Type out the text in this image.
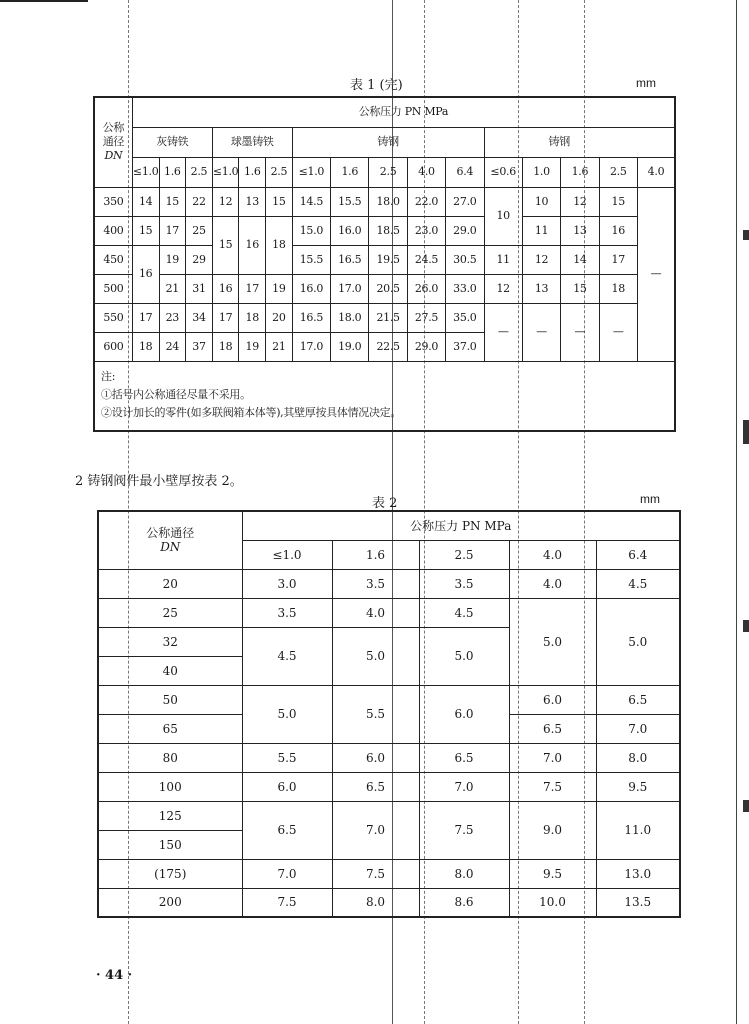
表 1 (完)	mm
公称
通径
DN	公称压力 PN MPa															
	灰铸铁			球墨铸铁			铸钢					铸钢				
	≤1.0	1.6	2.5	≤1.0	1.6	2.5	≤1.0	1.6	2.5	4.0	6.4	≤0.6	1.0	1.6	2.5	4.0
350	14	15	22	12	13	15	14.5	15.5	18.0	22.0	27.0	10	10	12	15	—
400	15	17	25	15	16	18	15.0	16.0	18.5	23.0	29.0		11	13	16	
450	16	19	29				15.5	16.5	19.5	24.5	30.5	11	12	14	17	
500		21	31	16	17	19	16.0	17.0	20.5	26.0	33.0	12	13	15	18	
550	17	23	34	17	18	20	16.5	18.0	21.5	27.5	35.0	—	—	—	—	
600	18	24	37	18	19	21	17.0	19.0	22.5	29.0	37.0					

注:
①括号内公称通径尽量不采用。
②设计加长的零件(如多联阀箱本体等),其壁厚按具体情况决定。																
2 铸钢阀件最小壁厚按表 2。
表 2	mm
公称通径
DN	公称压力 PN MPa				
	≤1.0	1.6	2.5	4.0	6.4
20	3.0	3.5	3.5	4.0	4.5
25	3.5	4.0	4.5	5.0	5.0
32	4.5	5.0	5.0		
40					
50	5.0	5.5	6.0	6.0	6.5
65				6.5	7.0
80	5.5	6.0	6.5	7.0	8.0
100	6.0	6.5	7.0	7.5	9.5
125	6.5	7.0	7.5	9.0	11.0
150					
(175)	7.0	7.5	8.0	9.5	13.0
200	7.5	8.0	8.6	10.0	13.5
· 44 ·
